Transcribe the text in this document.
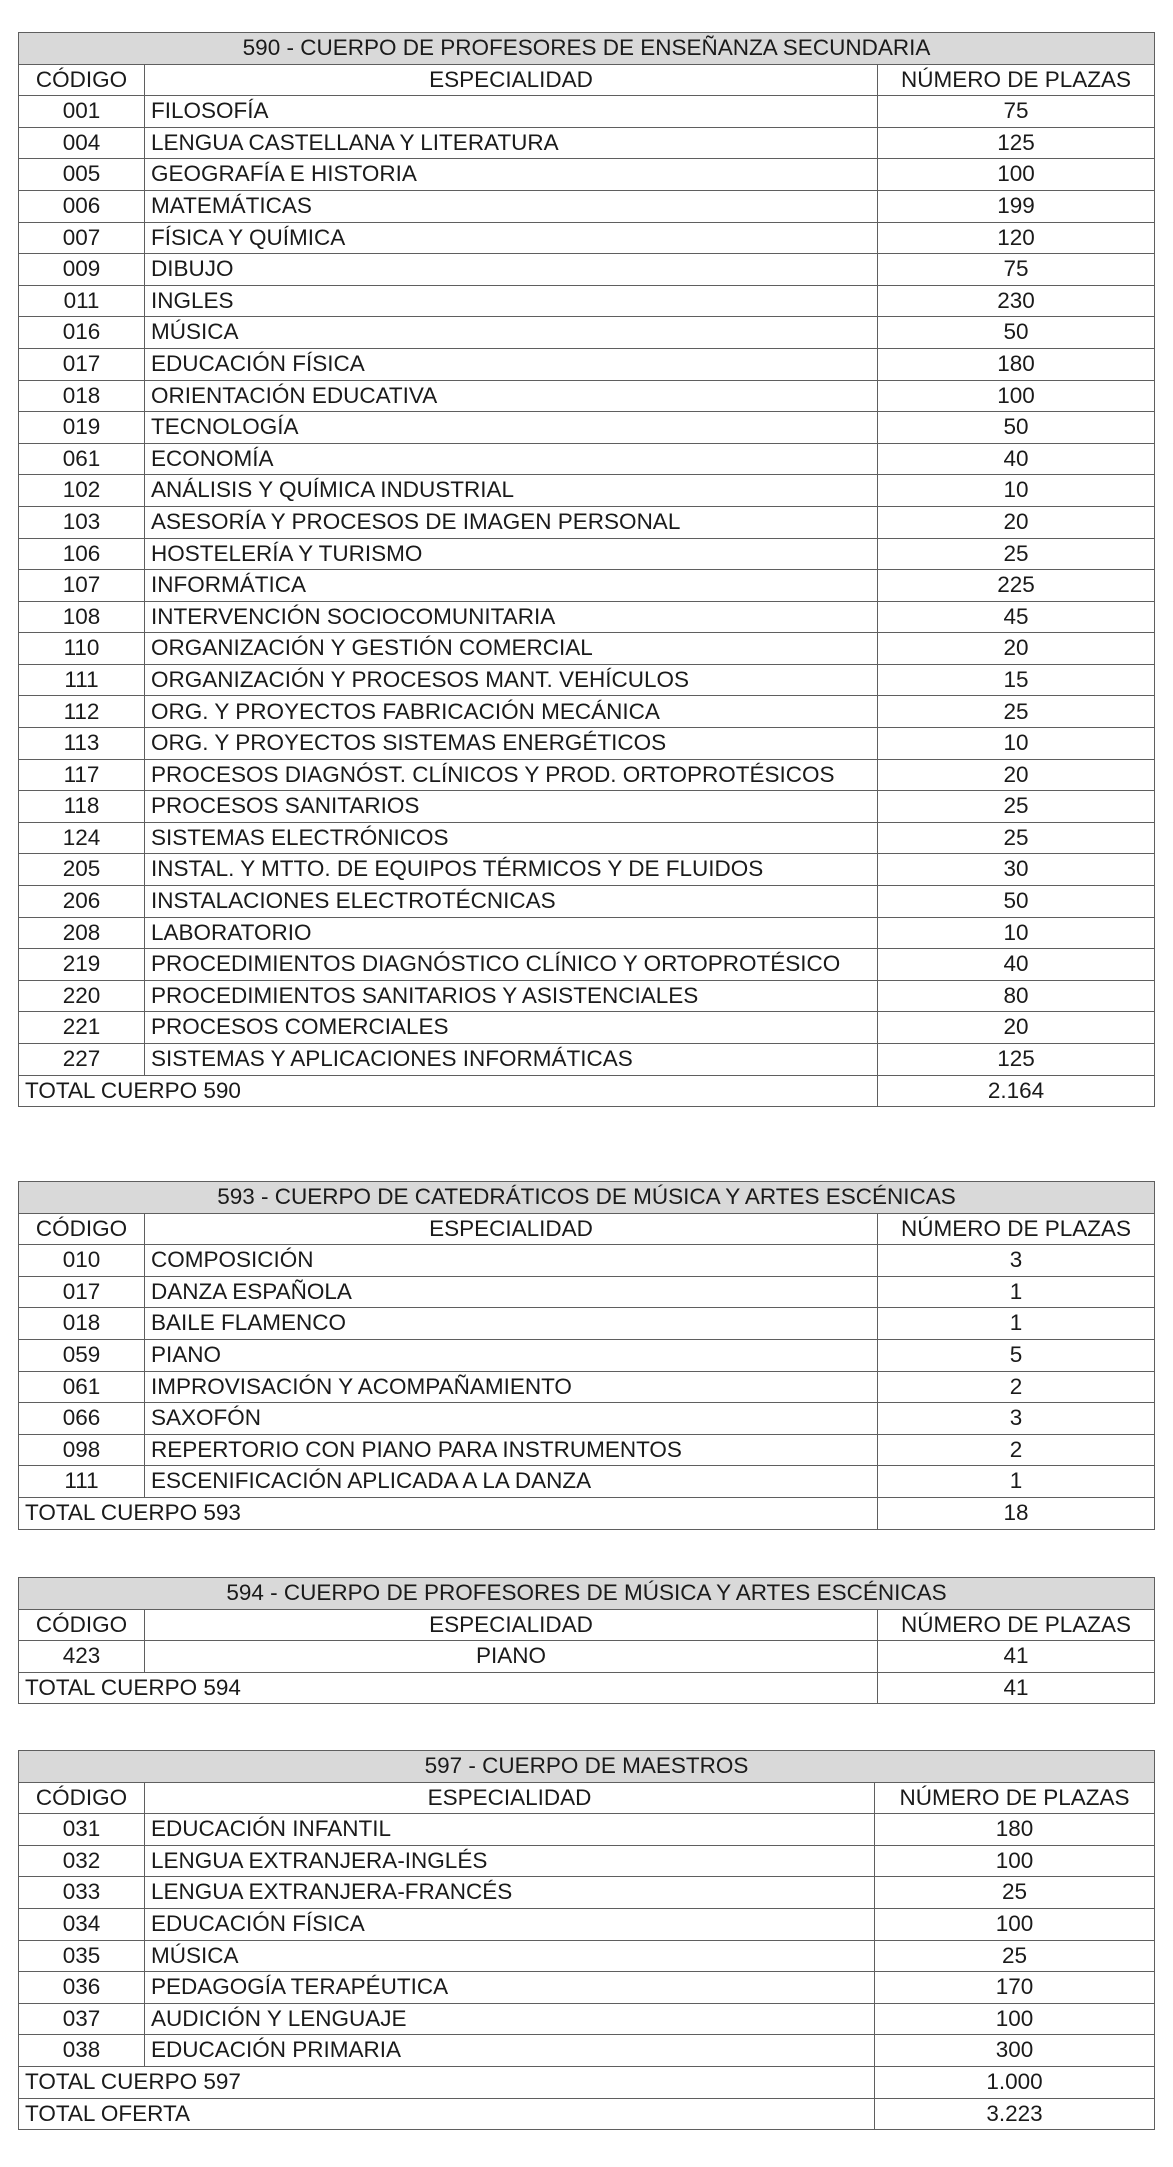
590 - CUERPO DE PROFESORES DE ENSEÑANZA SECUNDARIA		
CÓDIGO	ESPECIALIDAD	NÚMERO DE PLAZAS
001	FILOSOFÍA	75
004	LENGUA CASTELLANA Y LITERATURA	125
005	GEOGRAFÍA E HISTORIA	100
006	MATEMÁTICAS	199
007	FÍSICA Y QUÍMICA	120
009	DIBUJO	75
011	INGLES	230
016	MÚSICA	50
017	EDUCACIÓN FÍSICA	180
018	ORIENTACIÓN EDUCATIVA	100
019	TECNOLOGÍA	50
061	ECONOMÍA	40
102	ANÁLISIS Y QUÍMICA INDUSTRIAL	10
103	ASESORÍA Y PROCESOS DE IMAGEN PERSONAL	20
106	HOSTELERÍA Y TURISMO	25
107	INFORMÁTICA	225
108	INTERVENCIÓN SOCIOCOMUNITARIA	45
110	ORGANIZACIÓN Y GESTIÓN COMERCIAL	20
111	ORGANIZACIÓN Y PROCESOS MANT. VEHÍCULOS	15
112	ORG. Y PROYECTOS FABRICACIÓN MECÁNICA	25
113	ORG. Y PROYECTOS SISTEMAS ENERGÉTICOS	10
117	PROCESOS DIAGNÓST. CLÍNICOS Y PROD. ORTOPROTÉSICOS	20
118	PROCESOS SANITARIOS	25
124	SISTEMAS ELECTRÓNICOS	25
205	INSTAL. Y MTTO. DE EQUIPOS TÉRMICOS Y DE FLUIDOS	30
206	INSTALACIONES ELECTROTÉCNICAS	50
208	LABORATORIO	10
219	PROCEDIMIENTOS DIAGNÓSTICO CLÍNICO Y ORTOPROTÉSICO	40
220	PROCEDIMIENTOS SANITARIOS Y ASISTENCIALES	80
221	PROCESOS COMERCIALES	20
227	SISTEMAS Y APLICACIONES INFORMÁTICAS	125
TOTAL CUERPO 590		2.164
593 - CUERPO DE CATEDRÁTICOS DE MÚSICA Y ARTES ESCÉNICAS		
CÓDIGO	ESPECIALIDAD	NÚMERO DE PLAZAS
010	COMPOSICIÓN	3
017	DANZA ESPAÑOLA	1
018	BAILE FLAMENCO	1
059	PIANO	5
061	IMPROVISACIÓN Y ACOMPAÑAMIENTO	2
066	SAXOFÓN	3
098	REPERTORIO CON PIANO PARA INSTRUMENTOS	2
111	ESCENIFICACIÓN APLICADA A LA DANZA	1
TOTAL CUERPO 593		18
594 - CUERPO DE PROFESORES DE MÚSICA Y ARTES ESCÉNICAS		
CÓDIGO	ESPECIALIDAD	NÚMERO DE PLAZAS
423	PIANO	41
TOTAL CUERPO 594		41
597 - CUERPO DE MAESTROS		
CÓDIGO	ESPECIALIDAD	NÚMERO DE PLAZAS
031	EDUCACIÓN INFANTIL	180
032	LENGUA EXTRANJERA-INGLÉS	100
033	LENGUA EXTRANJERA-FRANCÉS	25
034	EDUCACIÓN FÍSICA	100
035	MÚSICA	25
036	PEDAGOGÍA TERAPÉUTICA	170
037	AUDICIÓN Y LENGUAJE	100
038	EDUCACIÓN PRIMARIA	300
TOTAL CUERPO 597		1.000
TOTAL OFERTA		3.223
